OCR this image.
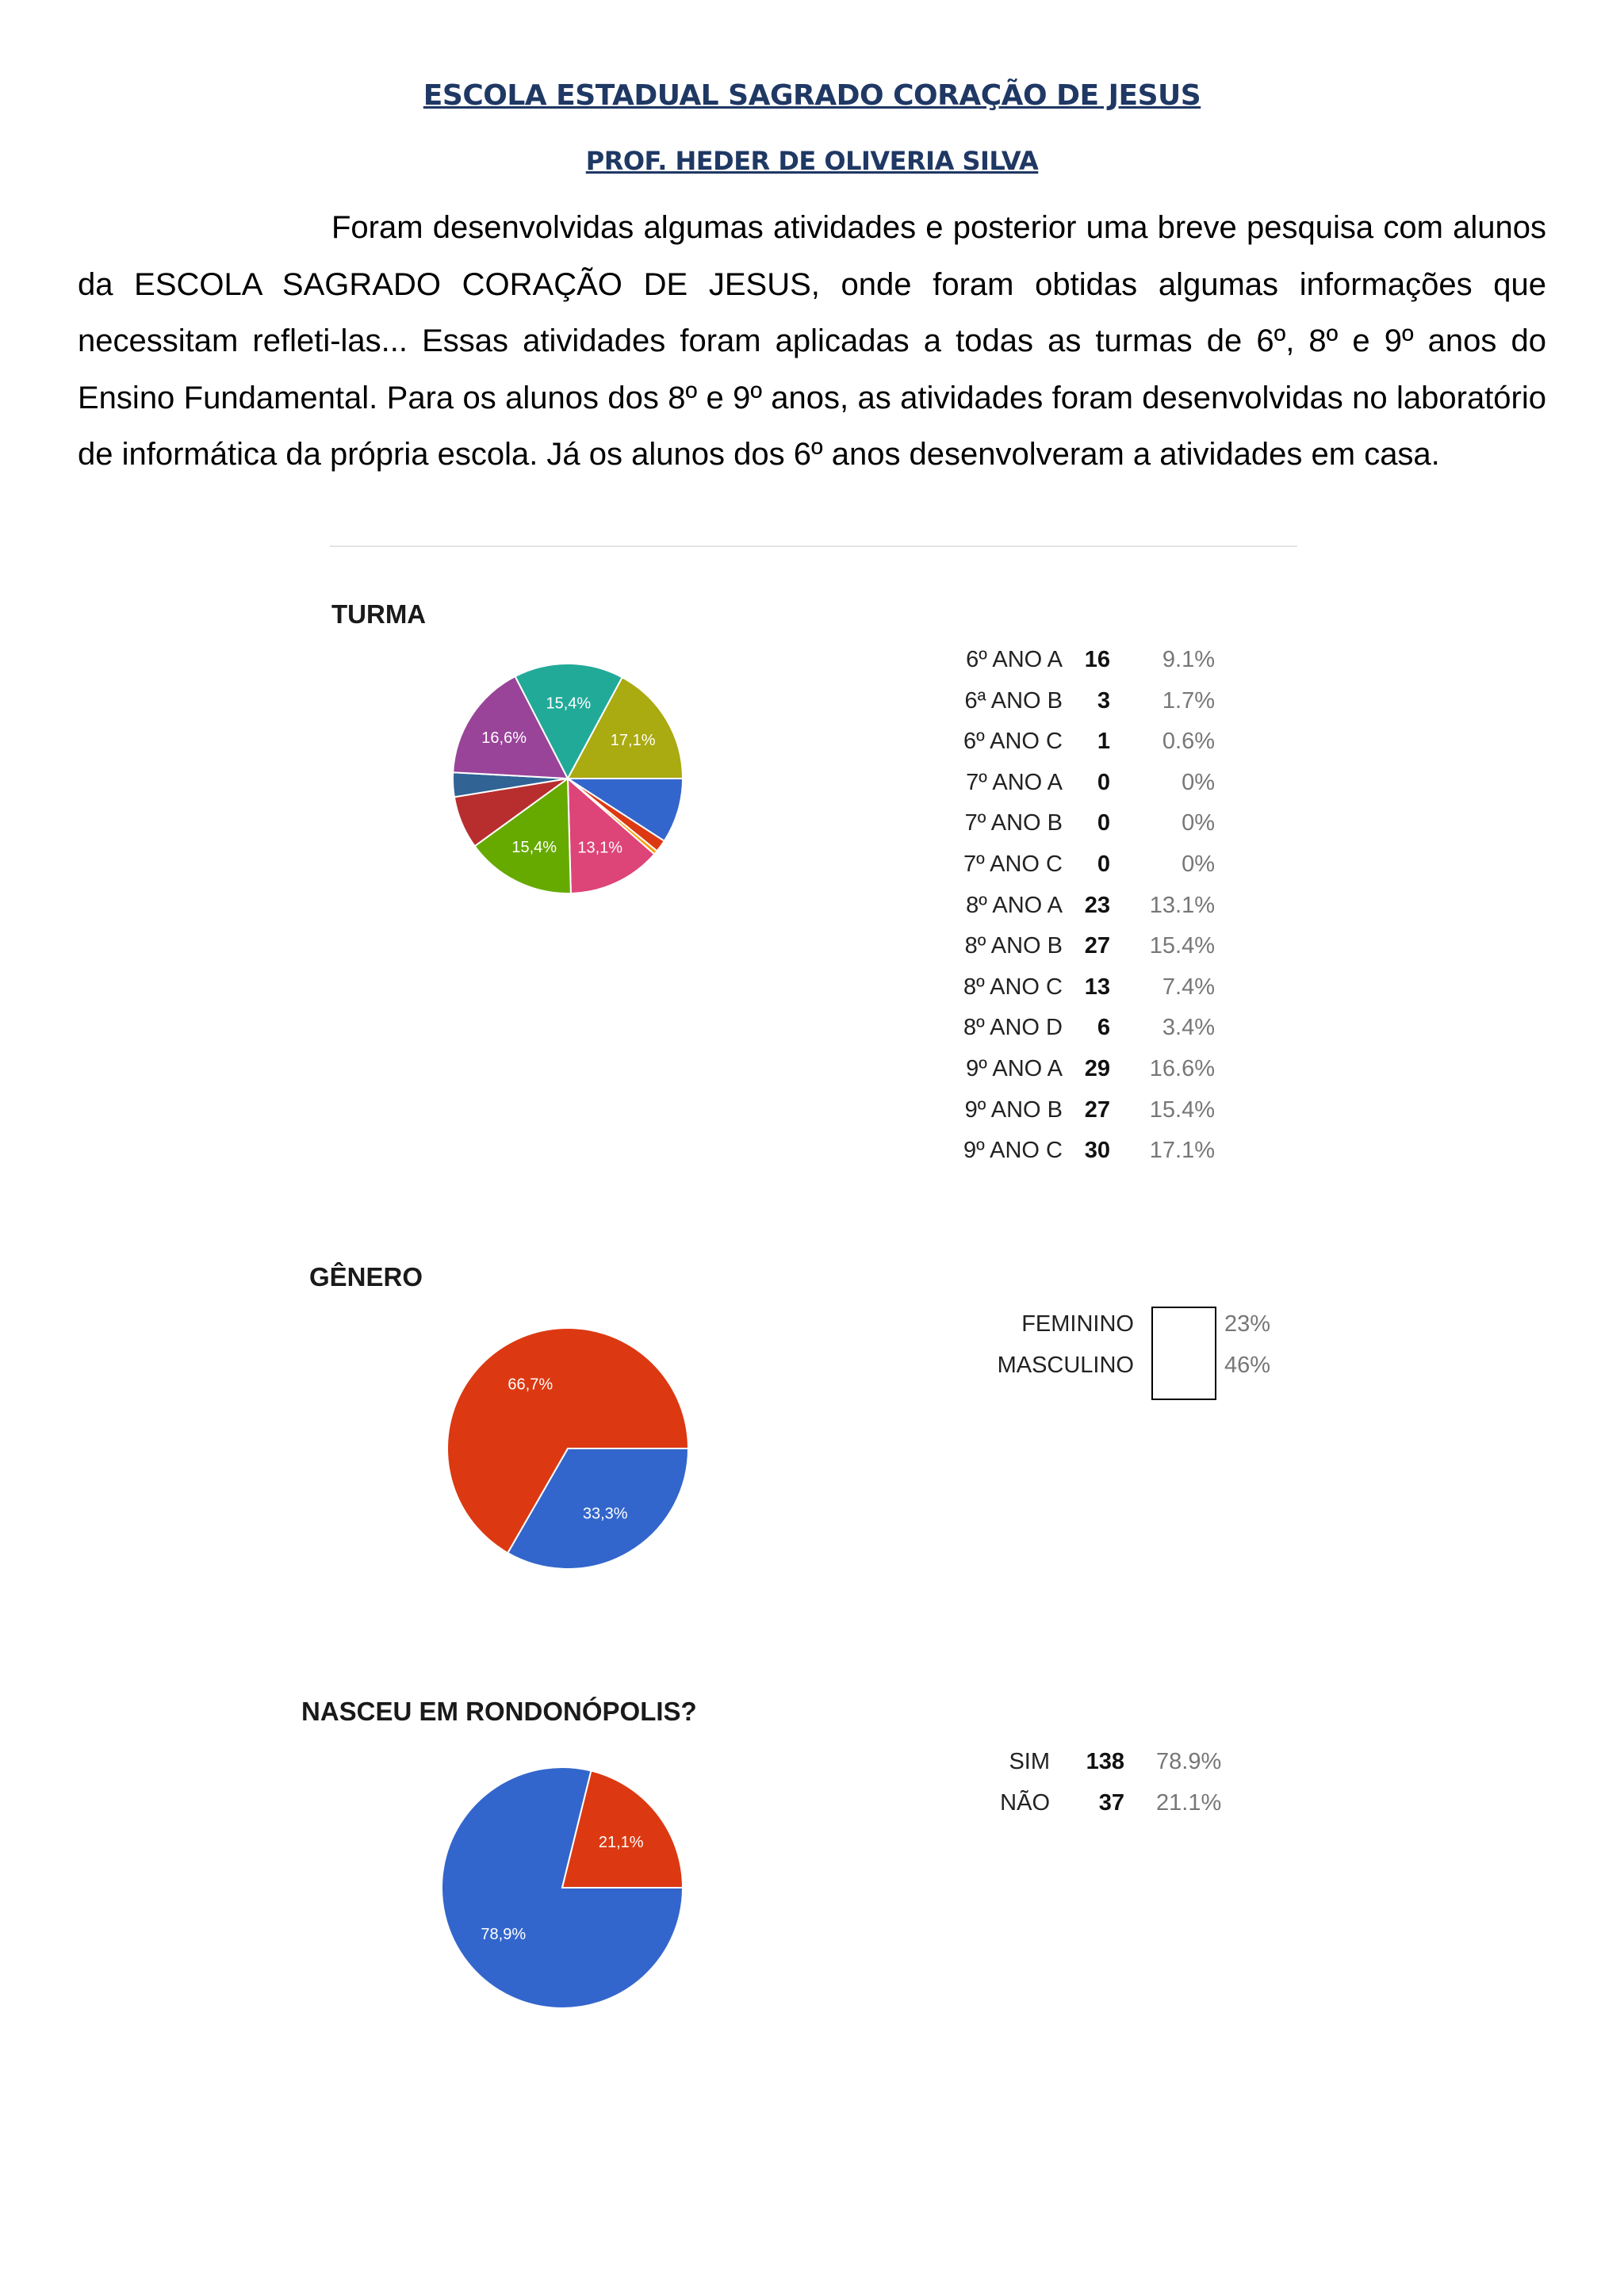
ESCOLA ESTADUAL SAGRADO CORAÇÃO DE JESUS
PROF. HEDER DE OLIVERIA SILVA

Foram desenvolvidas algumas atividades e posterior uma breve pesquisa com alunos da ESCOLA SAGRADO CORAÇÃO DE JESUS, onde foram obtidas algumas informações que necessitam refleti-las... Essas atividades foram aplicadas a todas as turmas de 6º, 8º e 9º anos do Ensino Fundamental. Para os alunos dos 8º e 9º anos, as atividades foram desenvolvidas no laboratório de informática da própria escola. Já os alunos dos 6º anos desenvolveram a atividades em casa.

TURMA
13,1%
15,4%
16,6%
15,4%
17,1%
6º ANO A 16	9.1%
6ª ANO B	3	1.7%
6º ANO C	1	0.6%
7º ANO A	0	0%
7º ANO B	0	0%
7º ANO C	0	0%
8º ANO A 23	13.1%
8º ANO B 27	15.4%
8º ANO C 13	7.4%
8º ANO D	6	3.4%
9º ANO A 29	16.6%
9º ANO B 27	15.4%
9º ANO C 30	17.1%
GÊNERO
33,3%
66,7%
FEMININO	23%
MASCULINO	46%
NASCEU EM RONDONÓPOLIS?
78,9%
21,1%
SIM	138 78.9%
NÃO	37 21.1%
